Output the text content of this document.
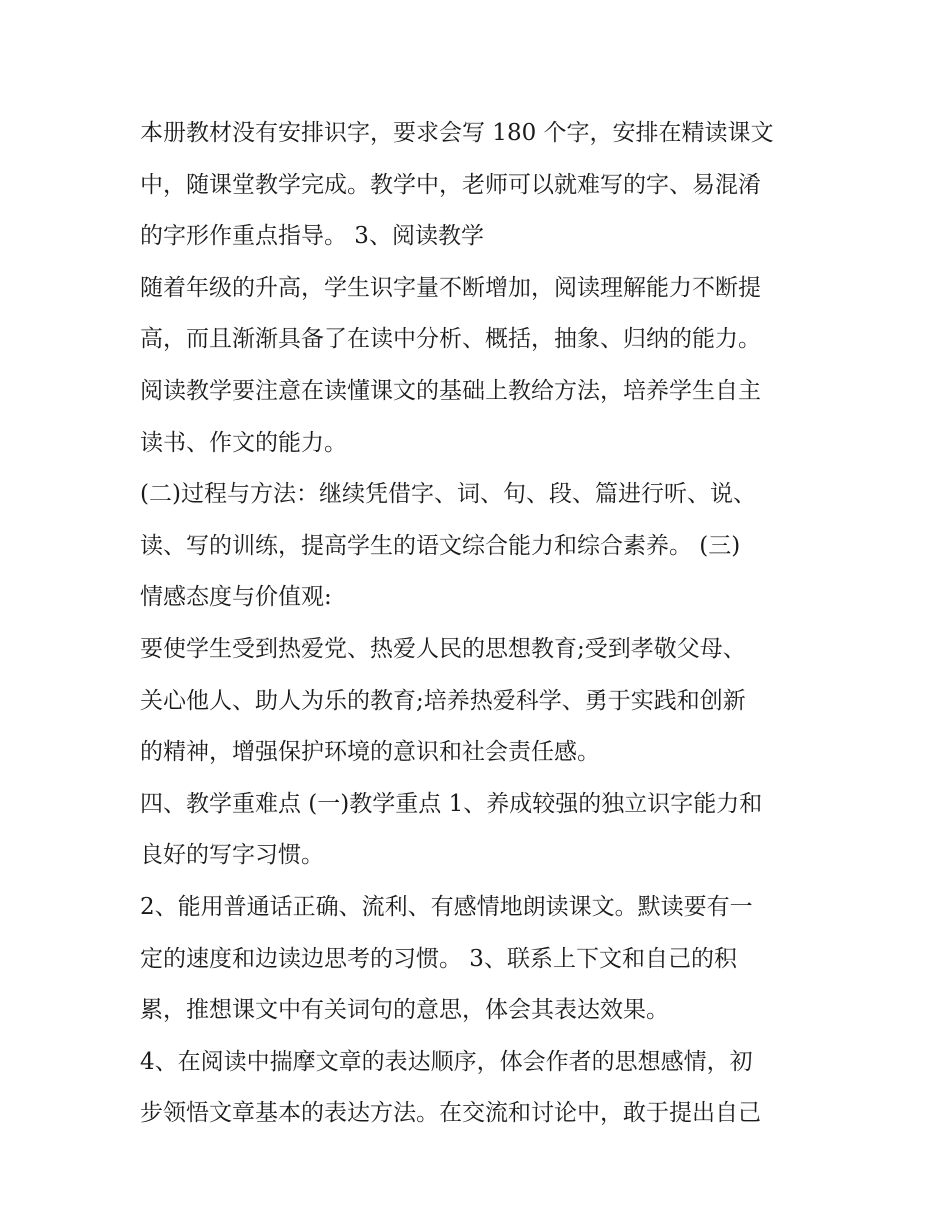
本册教材没有安排识字，要求会写 180 个字，安排在精读课文
中，随课堂教学完成。教学中，老师可以就难写的字、易混淆
的字形作重点指导。 3、阅读教学
随着年级的升高，学生识字量不断增加，阅读理解能力不断提
高，而且渐渐具备了在读中分析、概括，抽象、归纳的能力。
阅读教学要注意在读懂课文的基础上教给方法，培养学生自主
读书、作文的能力。
(二)过程与方法：继续凭借字、词、句、段、篇进行听、说、
读、写的训练，提高学生的语文综合能力和综合素养。 (三)
情感态度与价值观:
要使学生受到热爱党、热爱人民的思想教育;受到孝敬父母、
关心他人、助人为乐的教育;培养热爱科学、勇于实践和创新
的精神，增强保护环境的意识和社会责任感。
四、教学重难点 (一)教学重点 1、养成较强的独立识字能力和
良好的写字习惯。
2、能用普通话正确、流利、有感情地朗读课文。默读要有一
定的速度和边读边思考的习惯。 3、联系上下文和自己的积
累，推想课文中有关词句的意思，体会其表达效果。
4、在阅读中揣摩文章的表达顺序，体会作者的思想感情，初
步领悟文章基本的表达方法。在交流和讨论中，敢于提出自己
